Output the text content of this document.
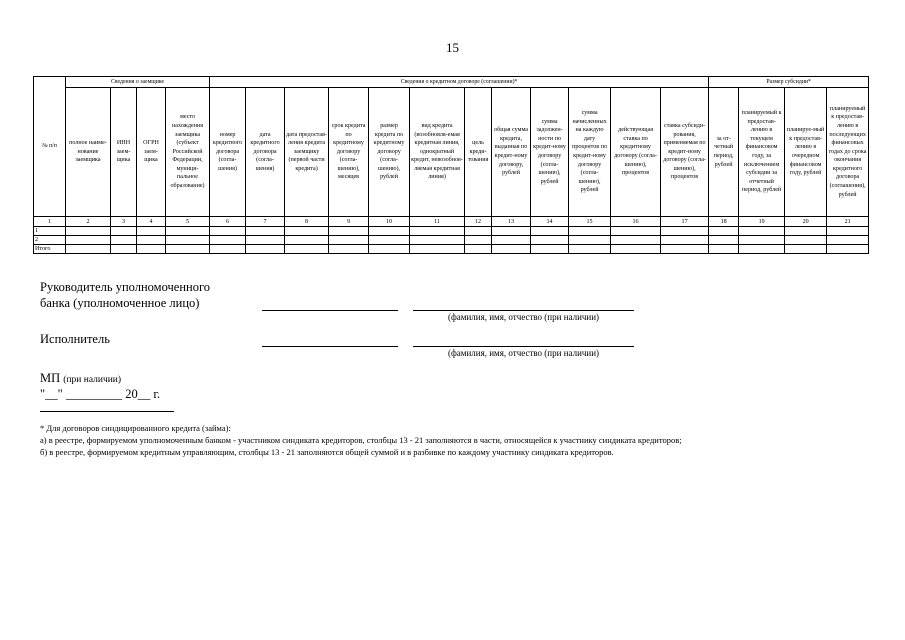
15
№ п/п	Сведения о заемщике				Сведения о кредитном договоре (соглашении)*												Размер субсидии*			
	полное наиме-нование заемщика	ИНН заем-щика	ОГРН заем-щика	место нахождения заемщика (субъект Российской Федерации, муници-пальное образование)	номер кредитного договора (согла-шения)	дата кредитного договора (согла-шения)	дата предостав-ления кредита заемщику (первой части кредита)	срок кредита по кредитному договору (согла-шению), месяцев	размер кредита по кредитному договору (согла-шению), рублей	вид кредита (возобновля-емая кредитная линия, однократный кредит, невозобнов-ляемая кредитная линия)	цель креди-тования	общая сумма кредита, выданная по кредит-ному договору, рублей	сумма задолжен-ности по кредит-ному договору (согла-шению), рублей	сумма начисленных на каждую дату процентов по кредит-ному договору (согла-шению), рублей	действующая ставка по кредитному договору (согла-шению), процентов	ставка субсиди-рования, применяемая по кредит-ному договору (согла-шению), процентов	за от-четный период, рублей	планируемый к предостав-лению в текущем финансовом году, за исключением субсидии за отчетный период, рублей	планируе-мый к предостав-лению в очередном финансовом году, рублей	планируемый к предостав-лению в последующих финансовых годах до срока окончания кредитного договора (соглашения), рублей
1	2	3	4	5	6	7	8	9	10	11	12	13	14	15	16	17	18	19	20	21
1																				
2																				
Итого																				
Руководитель уполномоченного
банка (уполномоченное лицо)
(фамилия, имя, отчество (при наличии)
Исполнитель
(фамилия, имя, отчество (при наличии)
МП (при наличии)
"__" _________ 20__ г.
* Для договоров синдицированного кредита (займа):
а) в реестре, формируемом уполномоченным банком - участником синдиката кредиторов, столбцы 13 - 21 заполняются в части, относящейся к участнику синдиката кредиторов;
б) в реестре, формируемом кредитным управляющим, столбцы 13 - 21 заполняются общей суммой и в разбивке по каждому участнику синдиката кредиторов.
